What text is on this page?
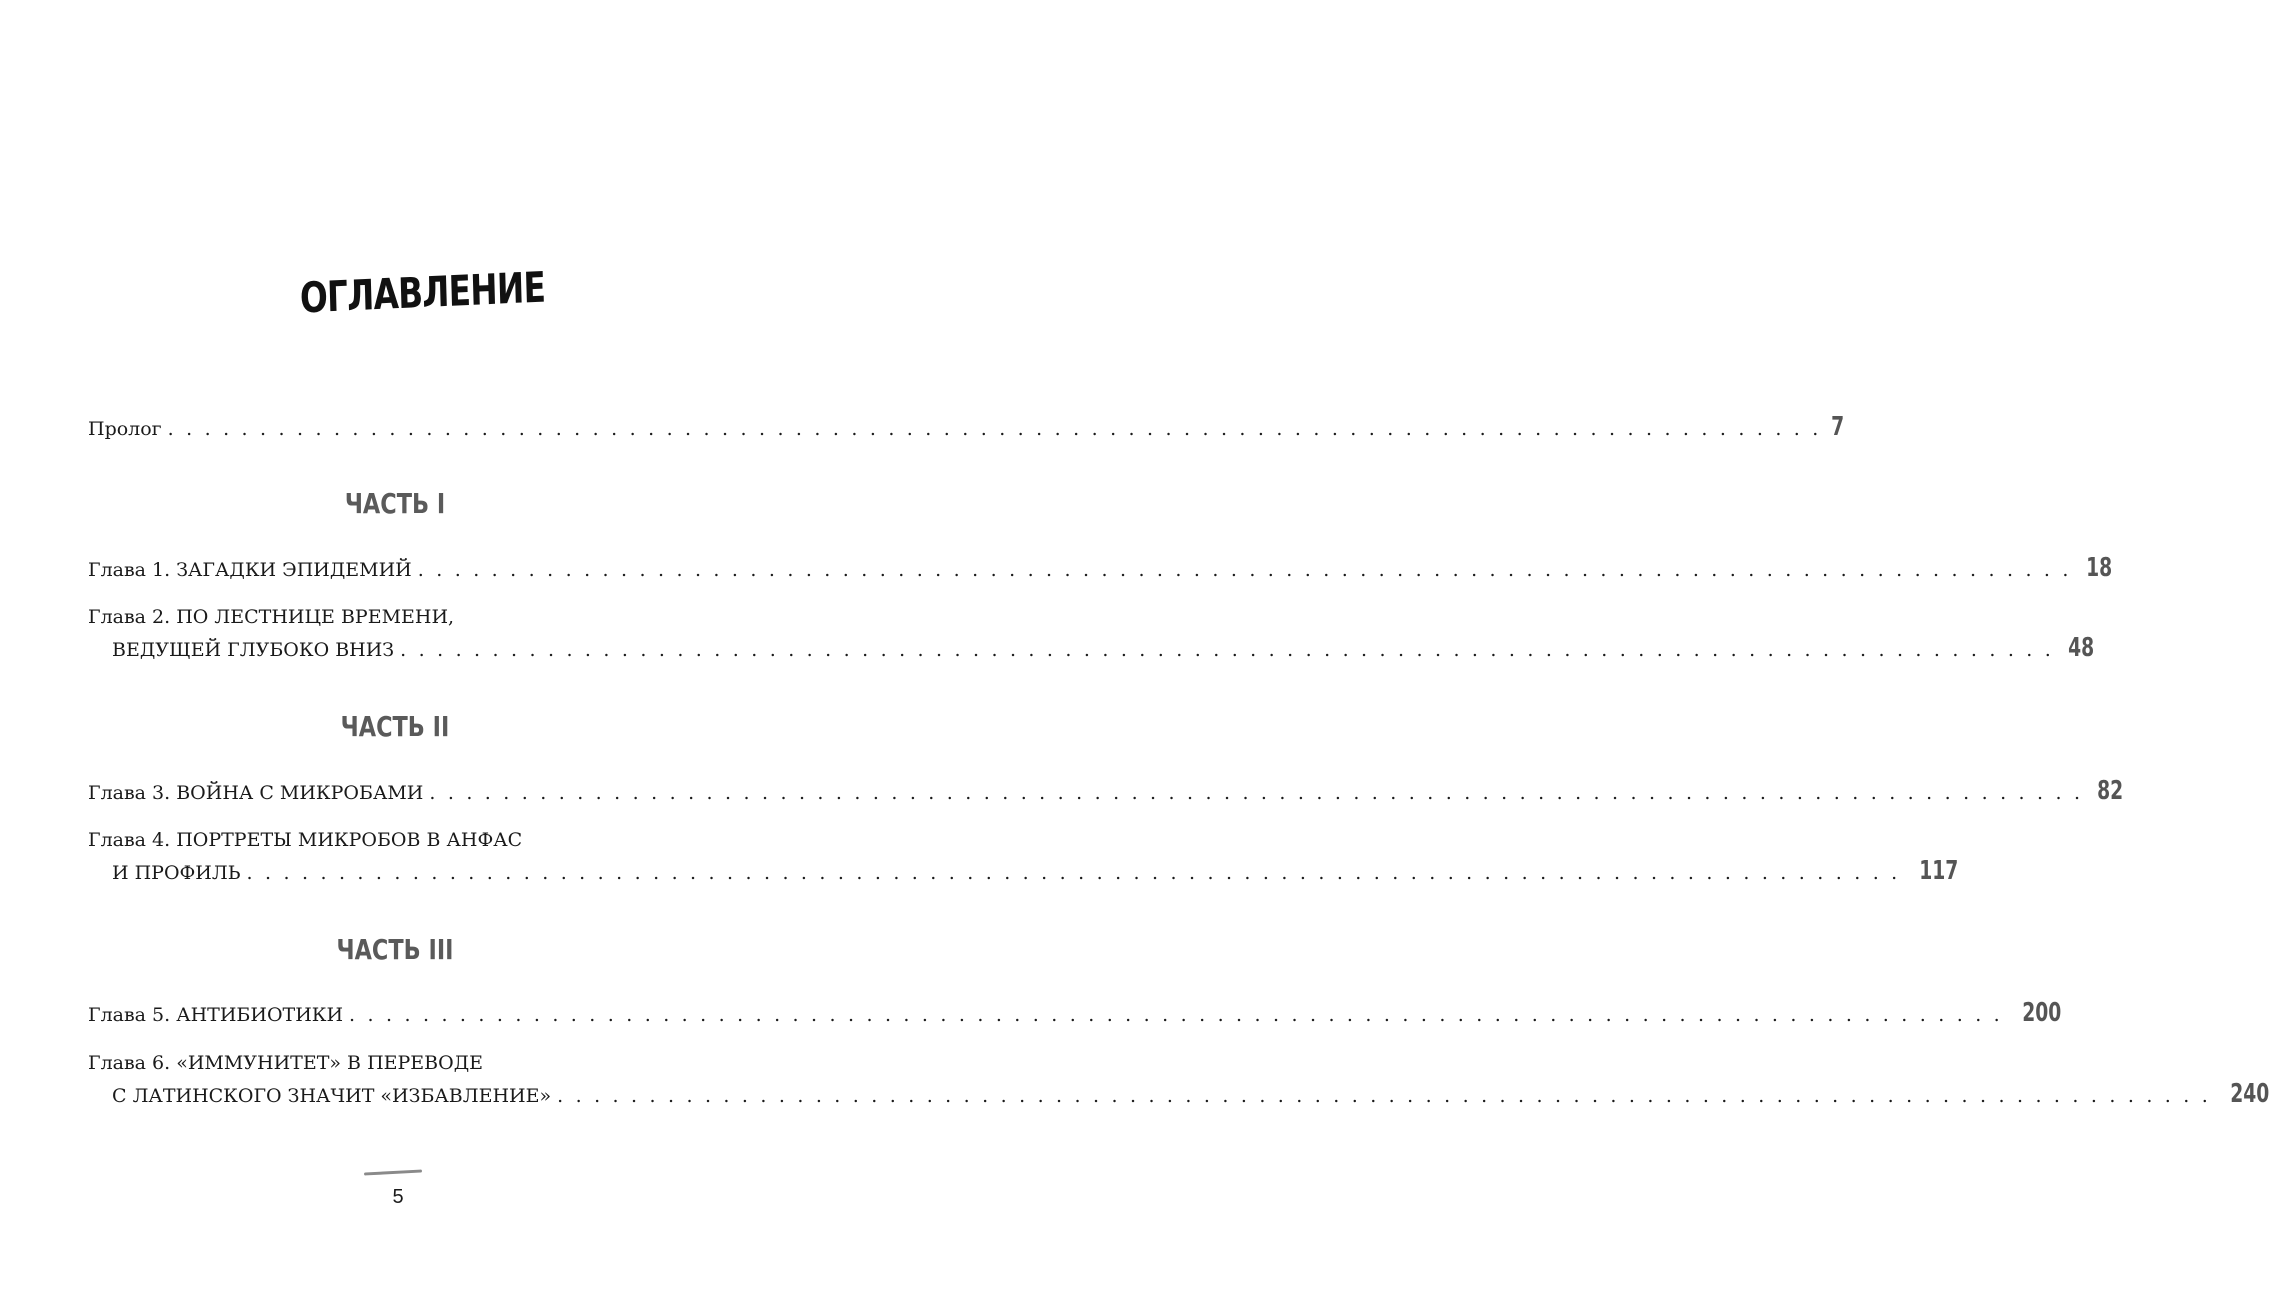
ОГЛАВЛЕНИЕ
Пролог . . . . . . . . . . . . . . . . . . . . . . . . . . . . . . . . . . . . . . . . . . . . . . . . . . . . . . . . . . . . . . . . . . . . . . . . . . . . . . . . . . . . . . . . . . 7
ЧАСТЬ I
Глава 1. ЗАГАДКИ ЭПИДЕМИЙ . . . . . . . . . . . . . . . . . . . . . . . . . . . . . . . . . . . . . . . . . . . . . . . . . . . . . . . . . . . . . . . . . . . . . . . . . . . . . . . . . . . . . . . . . . 18
Глава 2. ПО ЛЕСТНИЦЕ ВРЕМЕНИ,
ВЕДУЩЕЙ ГЛУБОКО ВНИЗ . . . . . . . . . . . . . . . . . . . . . . . . . . . . . . . . . . . . . . . . . . . . . . . . . . . . . . . . . . . . . . . . . . . . . . . . . . . . . . . . . . . . . . . . . . 48
ЧАСТЬ II
Глава 3. ВОЙНА С МИКРОБАМИ . . . . . . . . . . . . . . . . . . . . . . . . . . . . . . . . . . . . . . . . . . . . . . . . . . . . . . . . . . . . . . . . . . . . . . . . . . . . . . . . . . . . . . . . . . 82
Глава 4. ПОРТРЕТЫ МИКРОБОВ В АНФАС
И ПРОФИЛЬ . . . . . . . . . . . . . . . . . . . . . . . . . . . . . . . . . . . . . . . . . . . . . . . . . . . . . . . . . . . . . . . . . . . . . . . . . . . . . . . . . . . . . . . . . . 117
ЧАСТЬ III
Глава 5. АНТИБИОТИКИ . . . . . . . . . . . . . . . . . . . . . . . . . . . . . . . . . . . . . . . . . . . . . . . . . . . . . . . . . . . . . . . . . . . . . . . . . . . . . . . . . . . . . . . . . . 200
Глава 6. «ИММУНИТЕТ» В ПЕРЕВОДЕ
С ЛАТИНСКОГО ЗНАЧИТ «ИЗБАВЛЕНИЕ» . . . . . . . . . . . . . . . . . . . . . . . . . . . . . . . . . . . . . . . . . . . . . . . . . . . . . . . . . . . . . . . . . . . . . . . . . . . . . . . . . . . . . . . . . . 240
5
